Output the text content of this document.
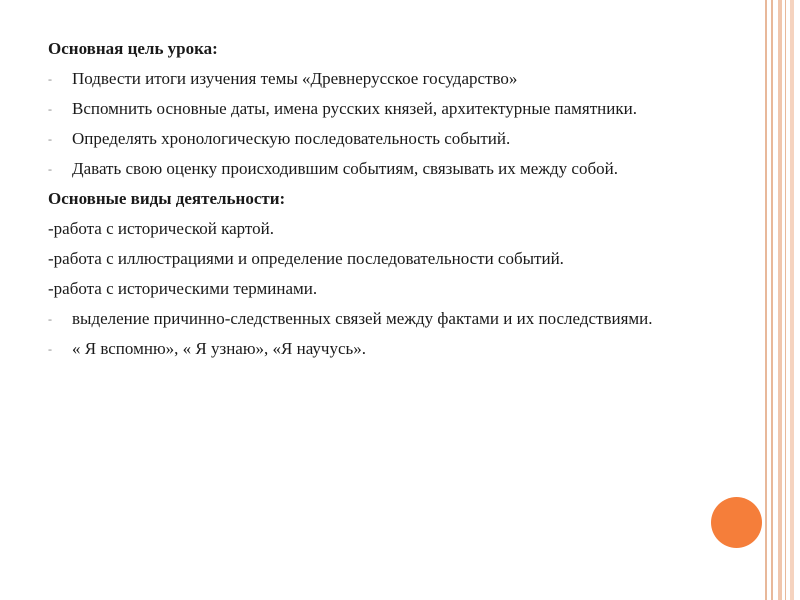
Основная цель урока:
- Подвести итоги изучения темы «Древнерусское государство»
- Вспомнить основные даты, имена русских князей, архитектурные памятники.
- Определять хронологическую последовательность событий.
- Давать свою оценку происходившим событиям, связывать их между собой.
Основные виды деятельности:
-работа с исторической картой.
-работа с иллюстрациями и определение последовательности событий.
-работа с историческими терминами.
- выделение причинно-следственных связей между фактами и их последствиями.
- « Я вспомню», « Я узнаю», «Я научусь».
